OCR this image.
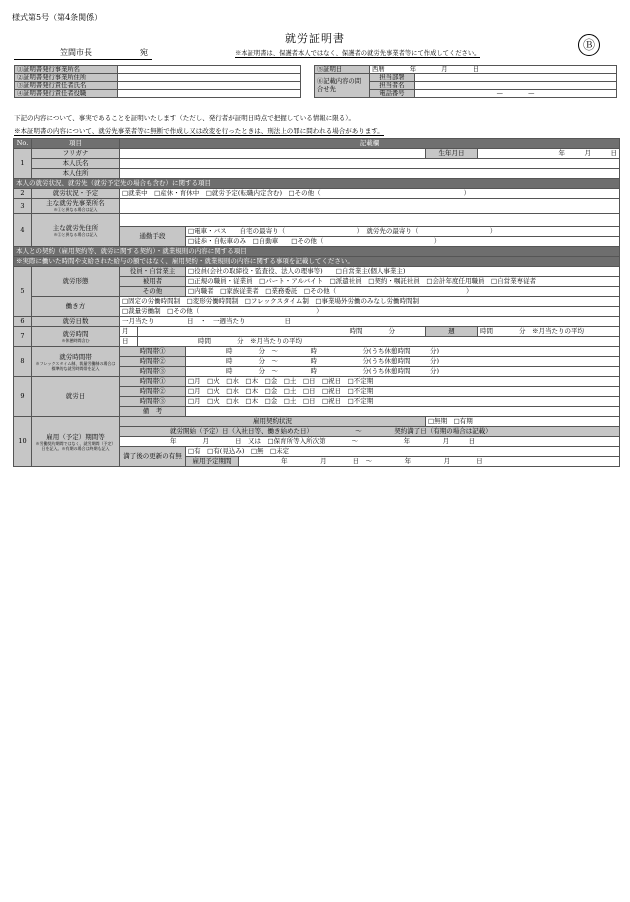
様式第5号（第4条関係）
就労証明書	Ⓑ
笠間市長	宛	※本証明書は、保護者本人ではなく、保護者の就労先事業者等にて作成してください。
①証明書発行事業所名	
②証明書発行事業所住所	
③証明書発行責任者氏名	
④証明書発行責任者役職	
⑤証明日	西暦　　　　年　　　　月　　　　日	
⑥記載内容の問合せ先	担当部署	
	担当者名	
	電話番号	—　　　　—
下記の内容について、事実であることを証明いたします（ただし、発行者が証明日時点で把握している情報に限る）。
※本証明書の内容について、就労先事業者等に無断で作成し又は改変を行ったときは、刑法上の罪に問われる場合があります。
No.	項目	記載欄				
1	フリガナ				生年月日	年　　　月　　　日
	本人氏名					
	本人住所					
本人の就労状況、就労先（就労予定先の場合も含む）に関する項目						
2	就労状況・予定	□就業中　□産休・育休中　□就労予定(転職内定含む)　□その他（　　　　　　　　　　　　　　　　　　　　　　）				
3	主な就労先事業所名
※①と異なる場合は記入					

4	主な就労先住所
※②と異なる場合は記入					

		通勤手段		□電車・バス　　自宅の最寄り（　　　　　　　　　　　）　就労先の最寄り（　　　　　　　　　　　）		
				□徒歩・自転車のみ　□自動車　　□その他（　　　　　　　　　　　　　　　　　）		
本人との契約（雇用契約等、就労に関する契約）・就業規則の内容に関する項目						
※実際に働いた時間や支給された給与の額ではなく、雇用契約・就業規則の内容に関する事項を記載してください。						
5	就労形態	役員・自営業主		□役員(会社の取締役・監査役、法人の理事等)　　□自営業主(個人事業主)		
		被用者		□正規の職員・従業員　□パート・アルバイト　□派遣社員　□契約・嘱託社員　□会計年度任用職員　□自営業専従者		
		その他		□内職者　□家族従業者　□業務委託　□その他（　　　　　　　　　　　　　　　　　　　　）		
	働き方	□固定の労働時間制　□変形労働時間制　□フレックスタイム制　□事業場外労働のみなし労働時間制				
		□裁量労働制　□その他（　　　　　　　　　　　　　　　　　　）				
6	就労日数	一月当たり　　　　　日　・　一週当たり　　　　　　日				
7	就労時間
※休憩時間含む	月	時間　　　　分		週	時間　　　　分　※月当たりの平均
		日	時間　　　　分　※月当たりの平均			
8	就労時間帯
※フレックスタイム制、裁量労働制の場合は標準的な就労時間帯を記入	時間帯①		時　　　　分　～　　　　　時　　　　　　　分(うち休憩時間　　　分)		
		時間帯②		時　　　　分　～　　　　　時　　　　　　　分(うち休憩時間　　　分)		
		時間帯③		時　　　　分　～　　　　　時　　　　　　　分(うち休憩時間　　　分)		
9	就労日	時間帯①		□月　□火　□水　□木　□金　□土　□日　□祝日　□不定期		
		時間帯②		□月　□火　□水　□木　□金　□土　□日　□祝日　□不定期		
		時間帯③		□月　□火　□水　□木　□金　□土　□日　□祝日　□不定期		
		備　考				
10	雇用（予定）期間等
※労働契約期間ではなく、就労期間（予定）日を記入。※有期の場合は終期も記入	雇用契約状況			□無期　□有期	
		就労開始（予定）日（入社日等、働き始めた日）　　　　　　　～　　　　　契約満了日（有期の場合は記載）				
		年　　　　月　　　　日　又は　□保育所等入所次第　　　　～　　　　　　　年　　　　　月　　　日				
		満了後の更新の有無		□有　□有(見込み)　□無　□未定		
				雇用予定期間 年　　　　　月　　　　日　～　　　　　年　　　　　月　　　　日		
